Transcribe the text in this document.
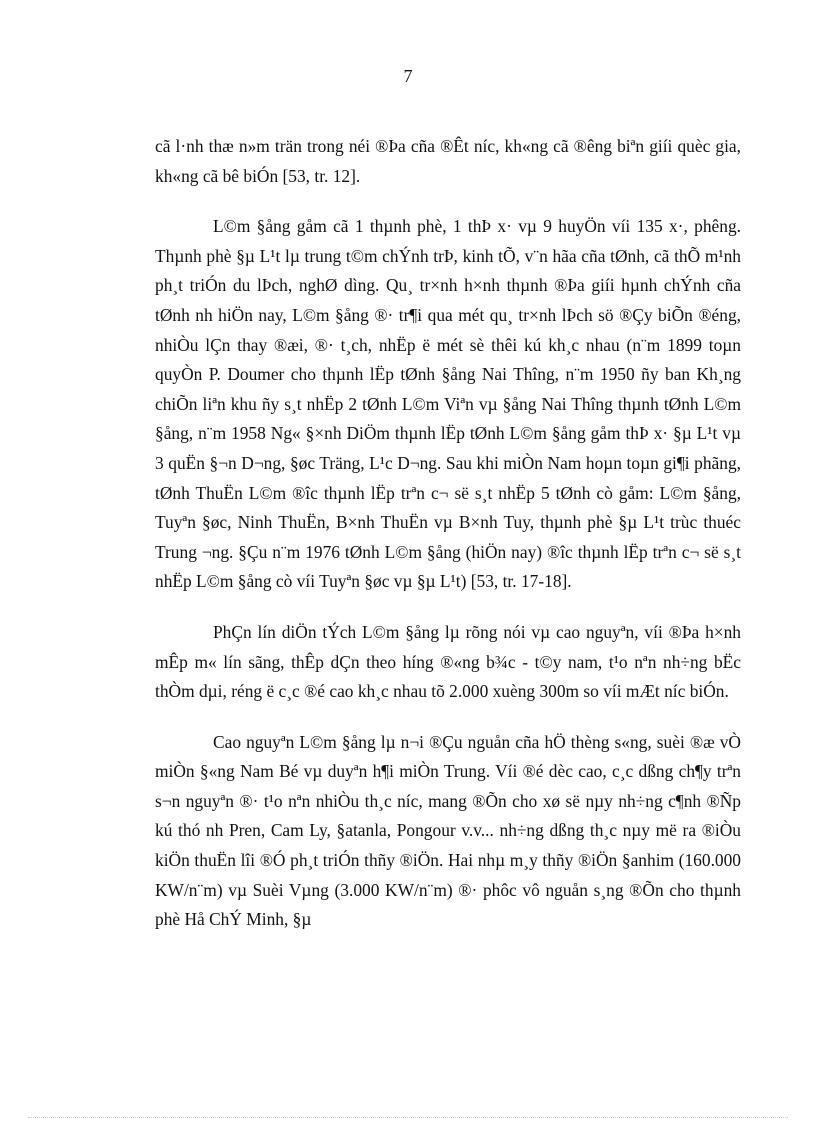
7

cã l·nh thæ n»m trän trong néi ®Þa cña ®Êt níc, kh«ng cã ®êng biªn giíi quèc gia, kh«ng cã bê biÓn [53, tr. 12].

L©m §ång gåm cã 1 thµnh phè, 1 thÞ x· vµ 9 huyÖn víi 135 x·, phêng. Thµnh phè §µ L¹t lµ trung t©m chÝnh trÞ, kinh tÕ, v¨n hãa cña tØnh, cã thÕ m¹nh ph¸t triÓn du lÞch, nghØ dìng. Qu¸ tr×nh h×nh thµnh ®Þa giíi hµnh chÝnh cña tØnh nh hiÖn nay, L©m §ång ®· tr¶i qua mét qu¸ tr×nh lÞch sö ®Çy biÕn ®éng, nhiÒu lÇn thay ®æi, ®· t¸ch, nhËp ë mét sè thêi kú kh¸c nhau (n¨m 1899 toµn quyÒn P. Doumer cho thµnh lËp tØnh §ång Nai Thîng, n¨m 1950 ñy ban Kh¸ng chiÕn liªn khu ñy s¸t nhËp 2 tØnh L©m Viªn vµ §ång Nai Thîng thµnh tØnh L©m §ång, n¨m 1958 Ng« §×nh DiÖm thµnh lËp tØnh L©m §ång gåm thÞ x· §µ L¹t vµ 3 quËn §¬n D¬ng, §øc Träng, L¹c D¬ng. Sau khi miÒn Nam hoµn toµn gi¶i phãng, tØnh ThuËn L©m ®îc thµnh lËp trªn c¬ së s¸t nhËp 5 tØnh cò gåm: L©m §ång, Tuyªn §øc, Ninh ThuËn, B×nh ThuËn vµ B×nh Tuy, thµnh phè §µ L¹t trùc thuéc Trung ¬ng. §Çu n¨m 1976 tØnh L©m §ång (hiÖn nay) ®îc thµnh lËp trªn c¬ së s¸t nhËp L©m §ång cò víi Tuyªn §øc vµ §µ L¹t) [53, tr. 17-18].

PhÇn lín diÖn tÝch L©m §ång lµ rõng nói vµ cao nguyªn, víi ®Þa h×nh mÊp m« lín sãng, thÊp dÇn theo híng ®«ng b¾c - t©y nam, t¹o nªn nh÷ng bËc thÒm dµi, réng ë c¸c ®é cao kh¸c nhau tõ 2.000 xuèng 300m so víi mÆt níc biÓn.

Cao nguyªn L©m §ång lµ n¬i ®Çu nguån cña hÖ thèng s«ng, suèi ®æ vÒ miÒn §«ng Nam Bé vµ duyªn h¶i miÒn Trung. Víi ®é dèc cao, c¸c dßng ch¶y trªn s¬n nguyªn ®· t¹o nªn nhiÒu th¸c níc, mang ®Õn cho xø së nµy nh÷ng c¶nh ®Ñp kú thó nh Pren, Cam Ly, §atanla, Pongour v.v... nh÷ng dßng th¸c nµy më ra ®iÒu kiÖn thuËn lîi ®Ó ph¸t triÓn thñy ®iÖn. Hai nhµ m¸y thñy ®iÖn §anhim (160.000 KW/n¨m) vµ Suèi Vµng (3.000 KW/n¨m) ®· phôc vô nguån s¸ng ®Õn cho thµnh phè Hå ChÝ Minh, §µ
